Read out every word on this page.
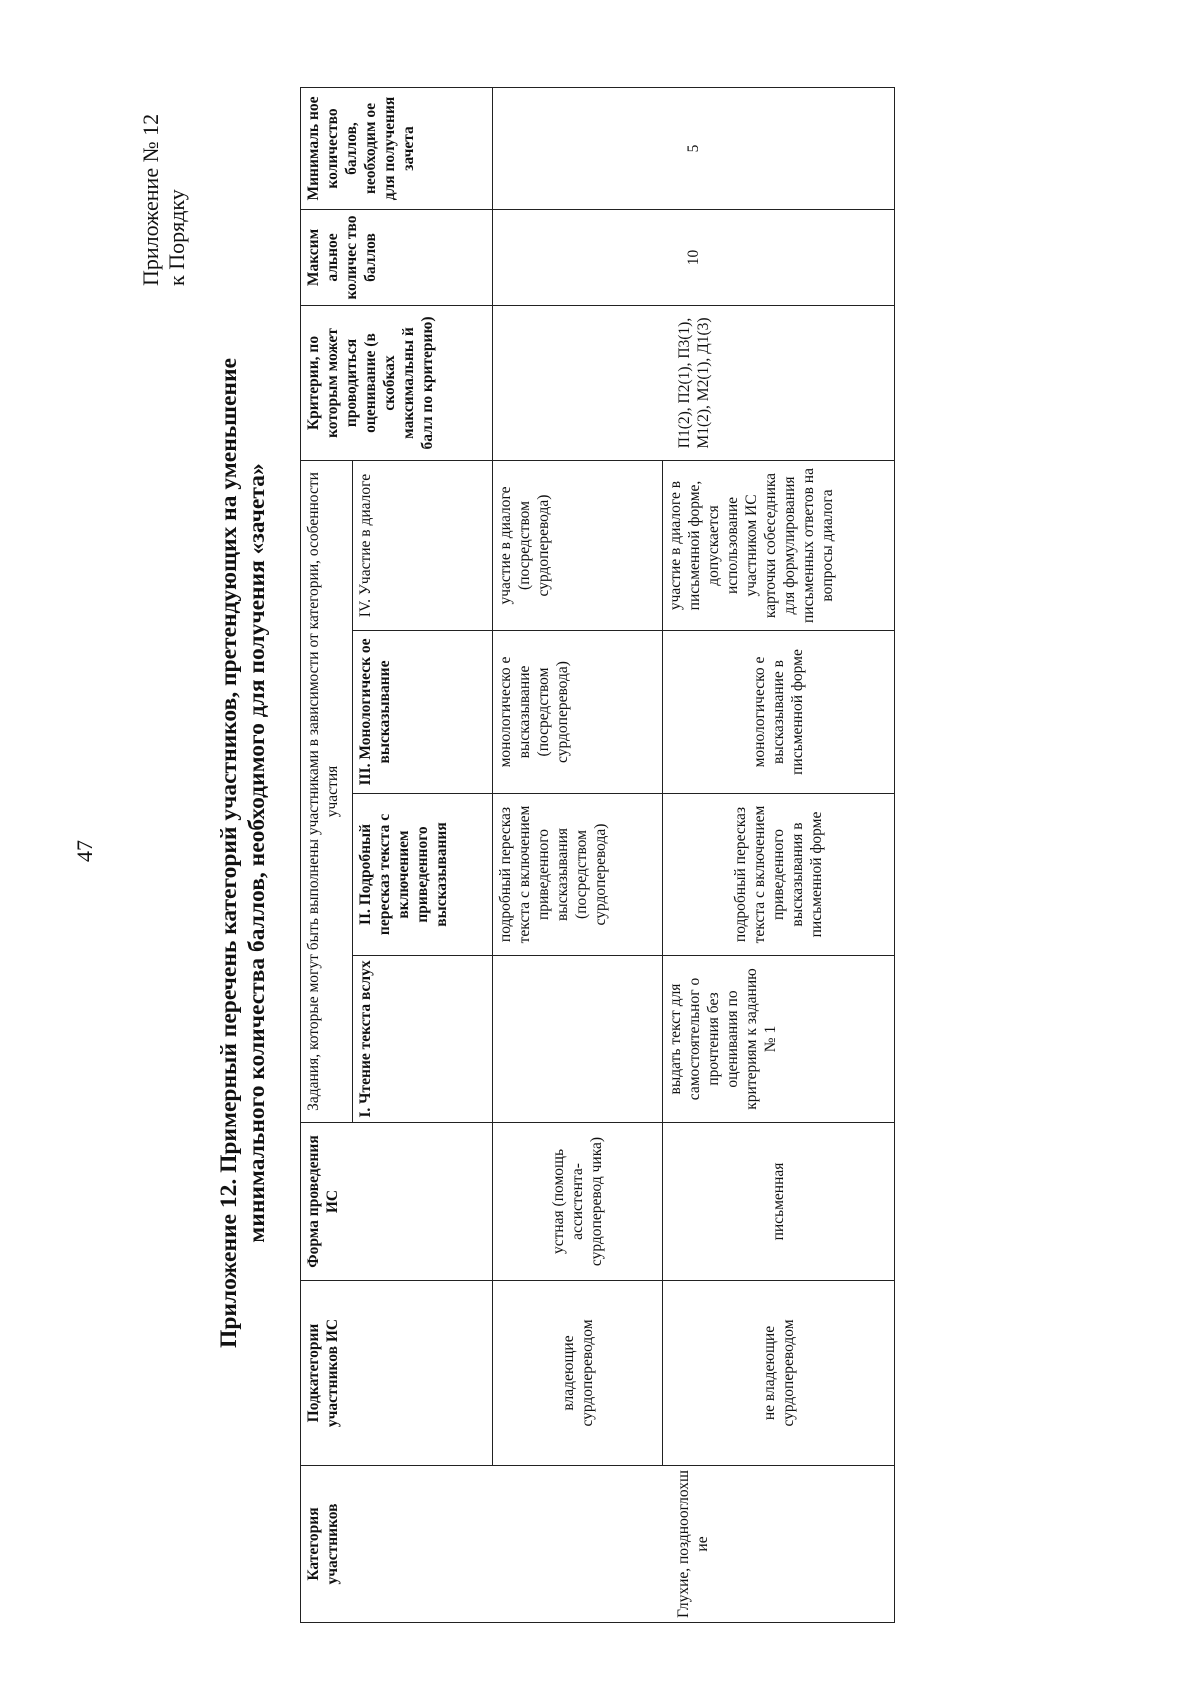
47
Приложение № 12 к Порядку
Приложение 12. Примерный перечень категорий участников, претендующих на уменьшение минимального количества баллов, необходимого для получения «зачета»
Категория участников	Подкатегории участников ИС	Форма проведения ИС	Задания, которые могут быть выполнены участниками в зависимости от категории, особенности участия				Критерии, по которым может проводиться оценивание (в скобках максимальны й балл по критерию)	Максим альное количес тво баллов	Минималь ное количество баллов, необходим ое для получения зачета
			I. Чтение текста вслух	II. Подробный пересказ текста с включением приведенного высказывания	III. Монологическ ое высказывание	IV. Участие в диалоге			
Глухие, позднооглохш ие	владеющие сурдопереводом	устная (помощь ассистента-сурдоперевод чика)		подробный пересказ текста с включением приведенного высказывания (посредством сурдоперевода)	монологическо е высказывание (посредством сурдоперевода)	участие в диалоге (посредством сурдоперевода)	П1(2), П2(1), П3(1), М1(2), М2(1), Д1(3)	10	5
	не владеющие сурдопереводом	письменная	выдать текст для самостоятельног о прочтения без оценивания по критериям к заданию № 1	подробный пересказ текста с включением приведенного высказывания в письменной форме	монологическо е высказывание в письменной форме	участие в диалоге в письменной форме, допускается использование участником ИС карточки собеседника для формулирования письменных ответов на вопросы диалога			
